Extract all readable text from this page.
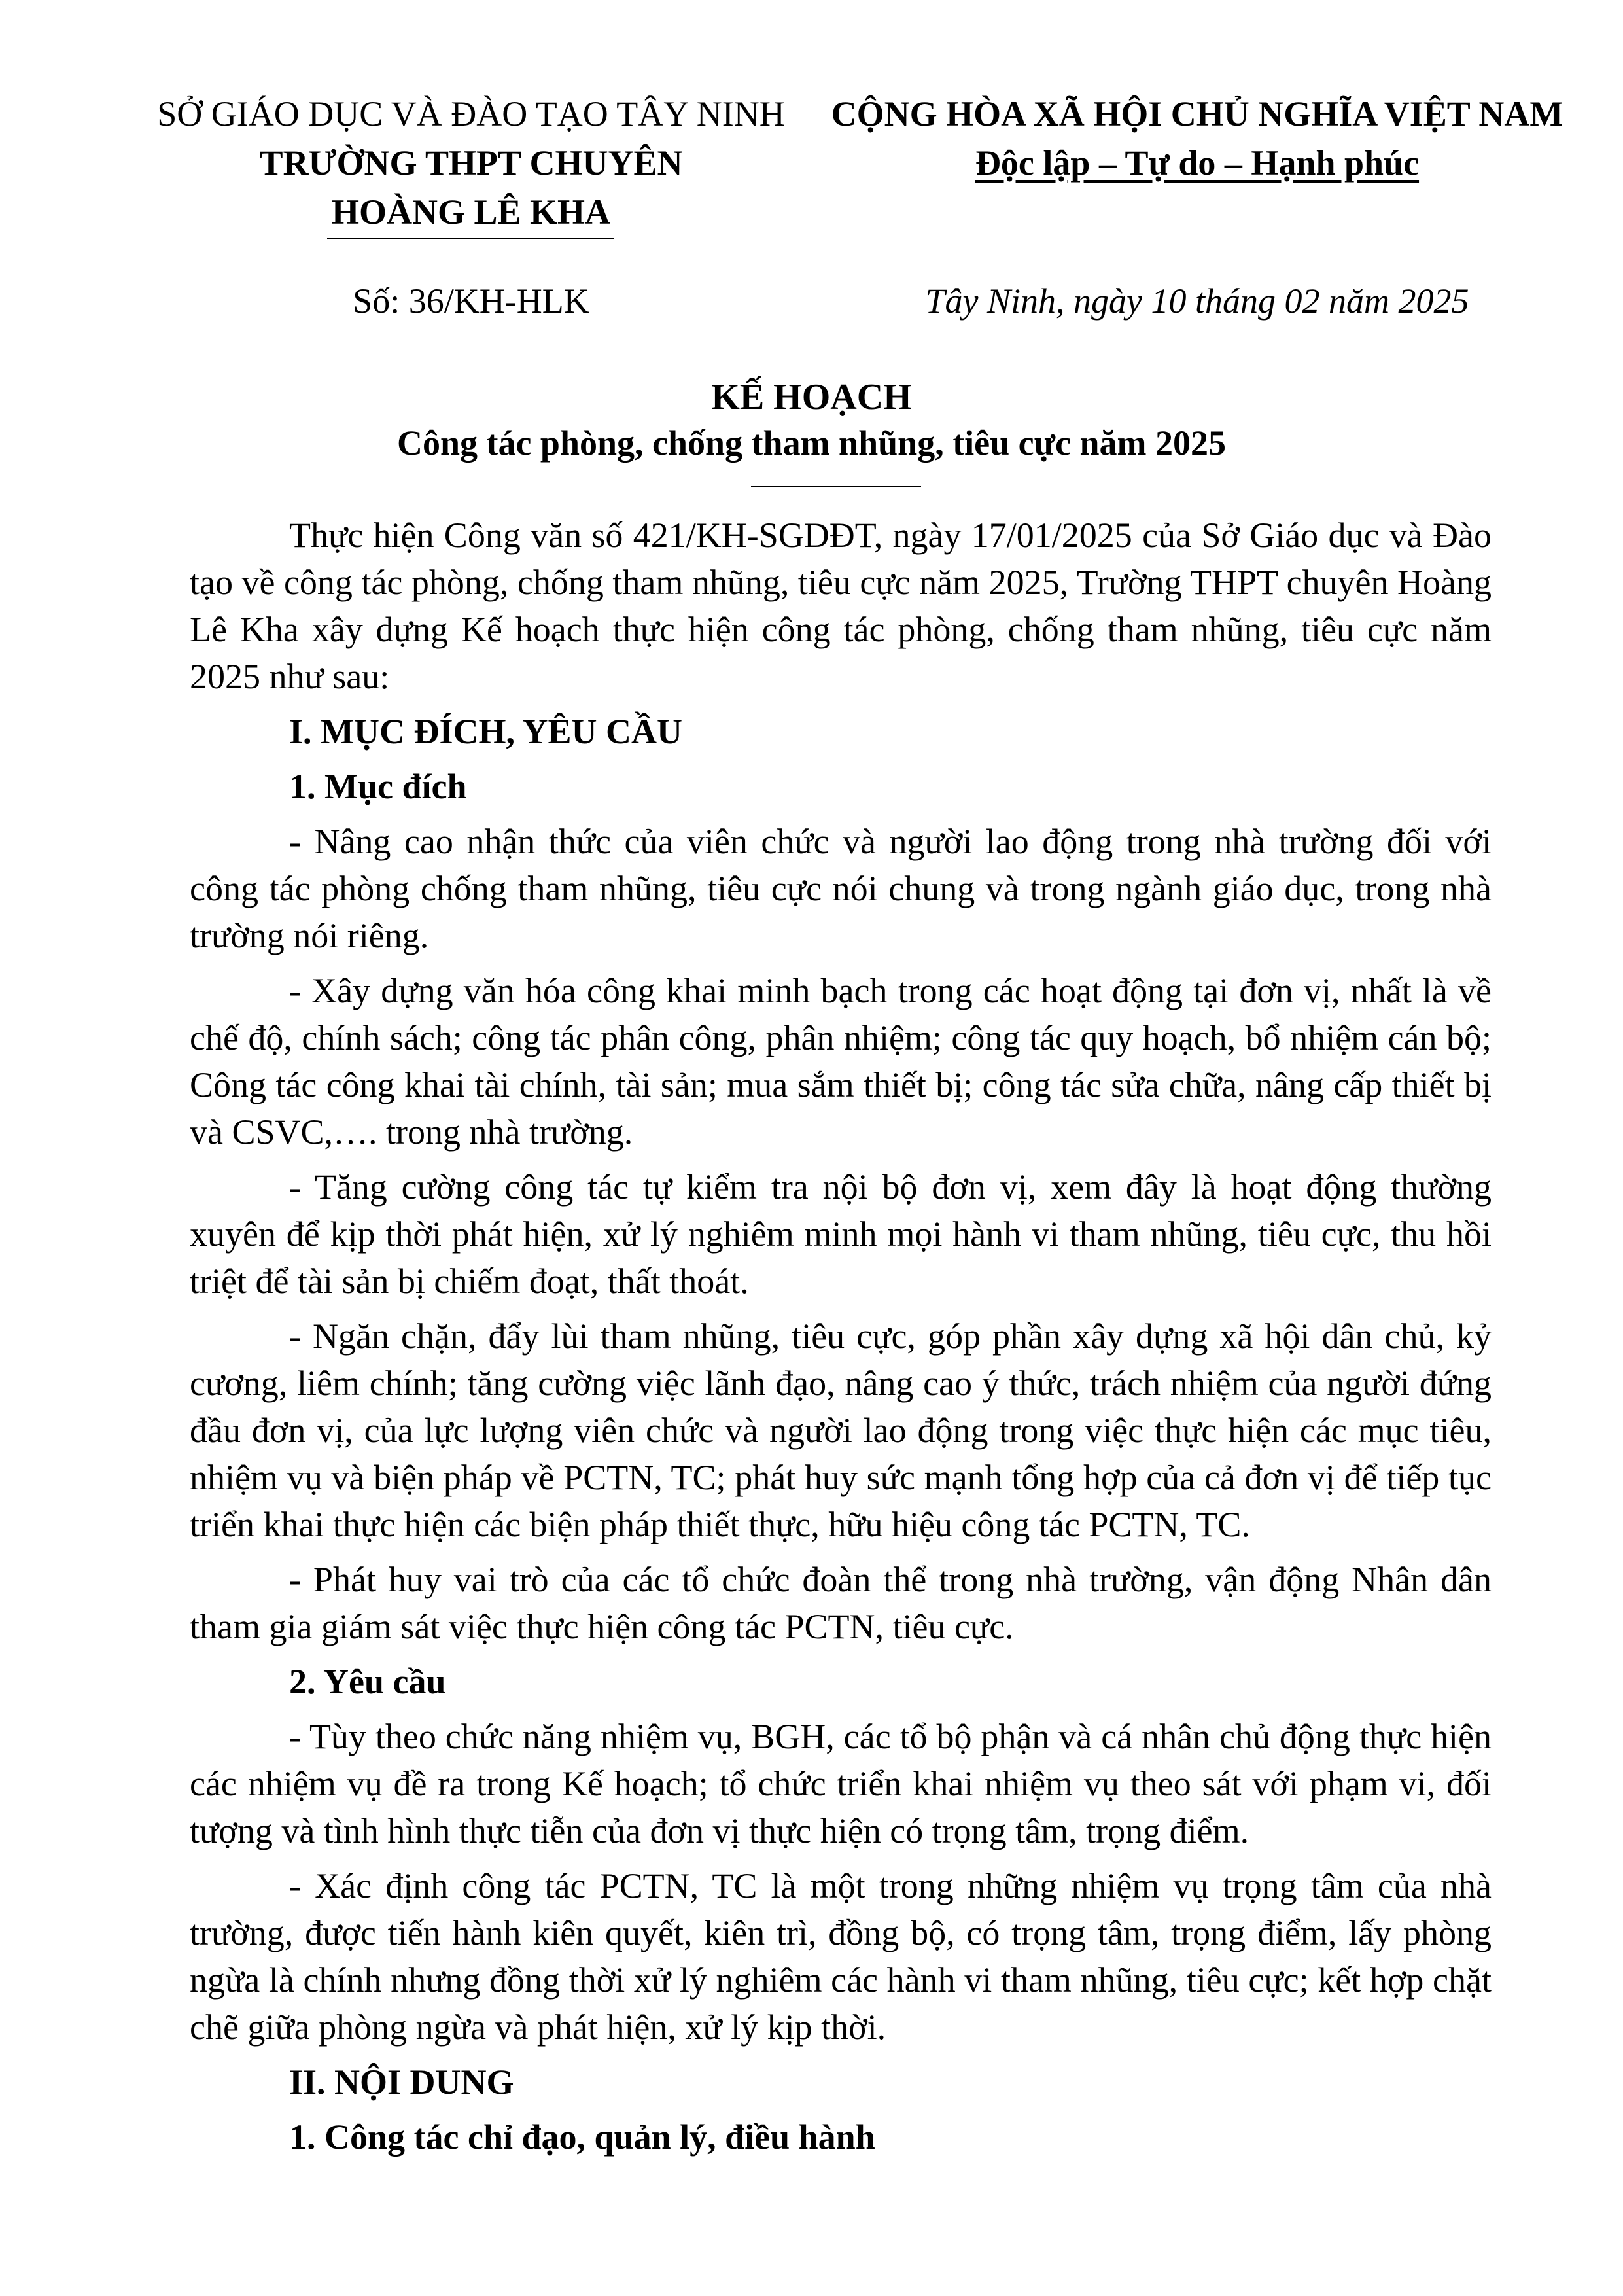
SỞ GIÁO DỤC VÀ ĐÀO TẠO TÂY NINH
TRƯỜNG THPT CHUYÊN
HOÀNG LÊ KHA
CỘNG HÒA XÃ HỘI CHỦ NGHĨA VIỆT NAM
Độc lập – Tự do – Hạnh phúc
Số: 36/KH-HLK	Tây Ninh, ngày 10 tháng 02 năm 2025
KẾ HOẠCH
Công tác phòng, chống tham nhũng, tiêu cực năm 2025

Thực hiện Công văn số 421/KH-SGDĐT, ngày 17/01/2025 của Sở Giáo dục và Đào tạo về công tác phòng, chống tham nhũng, tiêu cực năm 2025, Trường THPT chuyên Hoàng Lê Kha xây dựng Kế hoạch thực hiện công tác phòng, chống tham nhũng, tiêu cực năm 2025 như sau:

I. MỤC ĐÍCH, YÊU CẦU
1. Mục đích

- Nâng cao nhận thức của viên chức và người lao động trong nhà trường đối với công tác phòng chống tham nhũng, tiêu cực nói chung và trong ngành giáo dục, trong nhà trường nói riêng.

- Xây dựng văn hóa công khai minh bạch trong các hoạt động tại đơn vị, nhất là về chế độ, chính sách; công tác phân công, phân nhiệm; công tác quy hoạch, bổ nhiệm cán bộ; Công tác công khai tài chính, tài sản; mua sắm thiết bị; công tác sửa chữa, nâng cấp thiết bị và CSVC,…. trong nhà trường.

- Tăng cường công tác tự kiểm tra nội bộ đơn vị, xem đây là hoạt động thường xuyên để kịp thời phát hiện, xử lý nghiêm minh mọi hành vi tham nhũng, tiêu cực, thu hồi triệt để tài sản bị chiếm đoạt, thất thoát.

- Ngăn chặn, đẩy lùi tham nhũng, tiêu cực, góp phần xây dựng xã hội dân chủ, kỷ cương, liêm chính; tăng cường việc lãnh đạo, nâng cao ý thức, trách nhiệm của người đứng đầu đơn vị, của lực lượng viên chức và người lao động trong việc thực hiện các mục tiêu, nhiệm vụ và biện pháp về PCTN, TC; phát huy sức mạnh tổng hợp của cả đơn vị để tiếp tục triển khai thực hiện các biện pháp thiết thực, hữu hiệu công tác PCTN, TC.

- Phát huy vai trò của các tổ chức đoàn thể trong nhà trường, vận động Nhân dân tham gia giám sát việc thực hiện công tác PCTN, tiêu cực.

2. Yêu cầu

- Tùy theo chức năng nhiệm vụ, BGH, các tổ bộ phận và cá nhân chủ động thực hiện các nhiệm vụ đề ra trong Kế hoạch; tổ chức triển khai nhiệm vụ theo sát với phạm vi, đối tượng và tình hình thực tiễn của đơn vị thực hiện có trọng tâm, trọng điểm.

- Xác định công tác PCTN, TC là một trong những nhiệm vụ trọng tâm của nhà trường, được tiến hành kiên quyết, kiên trì, đồng bộ, có trọng tâm, trọng điểm, lấy phòng ngừa là chính nhưng đồng thời xử lý nghiêm các hành vi tham nhũng, tiêu cực; kết hợp chặt chẽ giữa phòng ngừa và phát hiện, xử lý kịp thời.

II. NỘI DUNG
1. Công tác chỉ đạo, quản lý, điều hành
